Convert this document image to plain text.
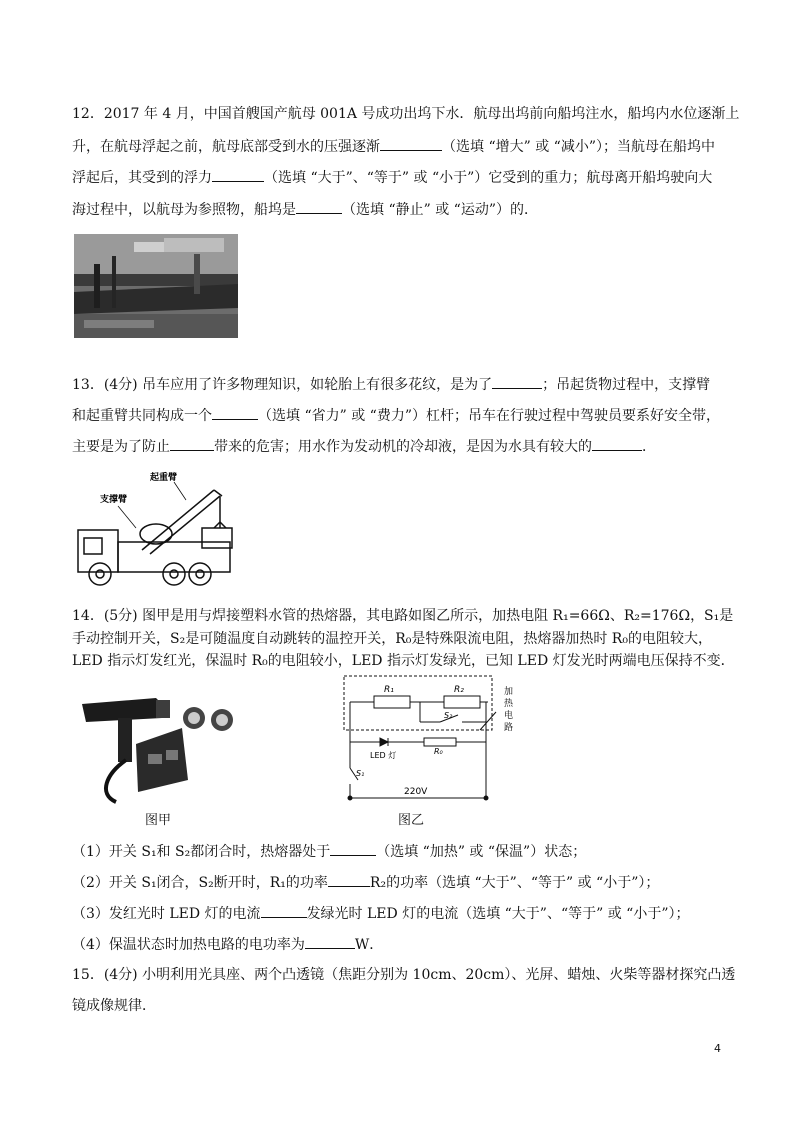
12．2017 年 4 月，中国首艘国产航母 001A 号成功出坞下水．航母出坞前向船坞注水，船坞内水位逐渐上
升，在航母浮起之前，航母底部受到水的压强逐渐	（选填 “增大” 或 “减小”）；当航母在船坞中
浮起后，其受到的浮力	（选填 “大于”、“等于” 或 “小于”）它受到的重力；航母离开船坞驶向大
海过程中，以航母为参照物，船坞是	（选填 “静止” 或 “运动”）的．
13．(4分) 吊车应用了许多物理知识，如轮胎上有很多花纹，是为了	；吊起货物过程中，支撑臂
和起重臂共同构成一个	（选填 “省力” 或 “费力”）杠杆；吊车在行驶过程中驾驶员要系好安全带，
主要是为了防止	带来的危害；用水作为发动机的冷却液，是因为水具有较大的	．
起重臂
支撑臂
14．(5分) 图甲是用与焊接塑料水管的热熔器，其电路如图乙所示，加热电阻 R₁=66Ω、R₂=176Ω，S₁是
手动控制开关，S₂是可随温度自动跳转的温控开关，R₀是特殊限流电阻，热熔器加热时 R₀的电阻较大，
LED 指示灯发红光，保温时 R₀的电阻较小，LED 指示灯发绿光，已知 LED 灯发光时两端电压保持不变．
图甲
R₁	R₂
S₂
R₀
LED 灯
S₁
220V
加
热
电
路
图乙
（1）开关 S₁和 S₂都闭合时，热熔器处于	（选填 “加热” 或 “保温”）状态；
（2）开关 S₁闭合，S₂断开时，R₁的功率	R₂的功率（选填 “大于”、“等于” 或 “小于”）；
（3）发红光时 LED 灯的电流	发绿光时 LED 灯的电流（选填 “大于”、“等于” 或 “小于”）；
（4）保温状态时加热电路的电功率为	W．
15．(4分) 小明利用光具座、两个凸透镜（焦距分别为 10cm、20cm）、光屏、蜡烛、火柴等器材探究凸透
镜成像规律．
4
